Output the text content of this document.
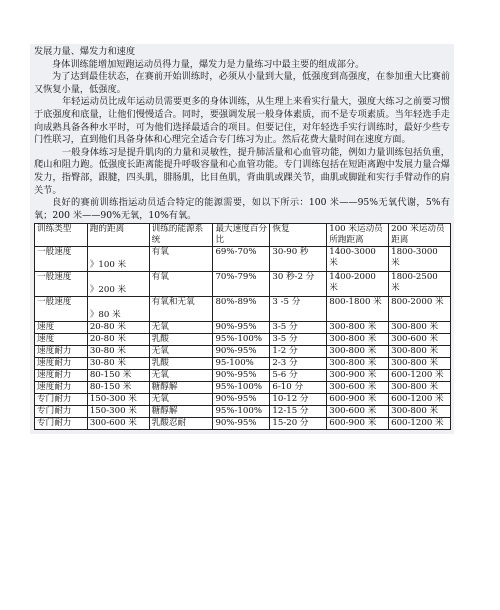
发展力量、爆发力和速度

身体训练能增加短跑运动员得力量，爆发力是力量练习中最主要的组成部分。

为了达到最佳状态，在赛前开始训练时，必须从小量到大量，低强度到高强度，在参加重大比赛前又恢复小量，低强度。

年轻运动员比成年运动员需要更多的身体训练，从生理上来看实行量大，强度大练习之前要习惯于底强度和底量，让他们慢慢适合。同时，要强调发展一般身体素质，而不是专项素质。当年轻选手走向成熟具备各种水平时，可为他们选择最适合的项目。但要记住，对年轻选手实行训练时，最好少些专门性联习，直到他们具备身体和心理完全适合专门练习为止。然后花费大量时间在速度方面。

一般身体练习是提升肌肉的力量和灵敏性，提升肺活量和心血管功能，例如力量训练包括负重，爬山和阻力跑。低强度长距离能提升呼吸容量和心血管功能。专门训练包括在短距离跑中发展力量合爆发力，指臀部，跟腱，四头肌，腓肠肌，比目鱼肌，背曲肌或踝关节，曲肌或脚趾和实行手臂动作的肩关节。

良好的赛前训练指运动员适合特定的能源需要，如以下所示：100 米——95%无氧代谢，5%有氧；200 米——90%无氧，10%有氧。

训练类型	跑的距离	训练的能源系统	最大速度百分比	恢复	100 米运动员所跑距离	200 米运动员距离
一般速度	》100 米	有氧	69%-70%	30-90 秒	1400-3000 米	1800-3000 米
一般速度	》200 米	有氧	70%-79%	30 秒-2 分	1400-2000 米	1800-2500 米
一般速度	》80 米	有氧和无氧	80%-89%	3 -5 分	800-1800 米	800-2000 米
速度	20-80 米	无氧	90%-95%	3-5 分	300-800 米	300-800 米
速度	20-80 米	乳酸	95%-100%	3-5 分	300-800 米	300-600 米
速度耐力	30-80 米	无氧	90%-95%	1-2 分	300-800 米	300-800 米
速度耐力	30-80 米	乳酸	95-100%	2-3 分	300-800 米	300-800 米
速度耐力	80-150 米	无氧	90%-95%	5-6 分	300-900 米	600-1200 米
速度耐力	80-150 米	糖醇解	95%-100%	6-10 分	300-600 米	300-800 米
专门耐力	150-300 米	无氧	90%-95%	10-12 分	600-900 米	600-1200 米
专门耐力	150-300 米	糖醇解	95%-100%	12-15 分	300-600 米	300-800 米
专门耐力	300-600 米	乳酸忍耐	90%-95%	15-20 分	600-900 米	600-1200 米
